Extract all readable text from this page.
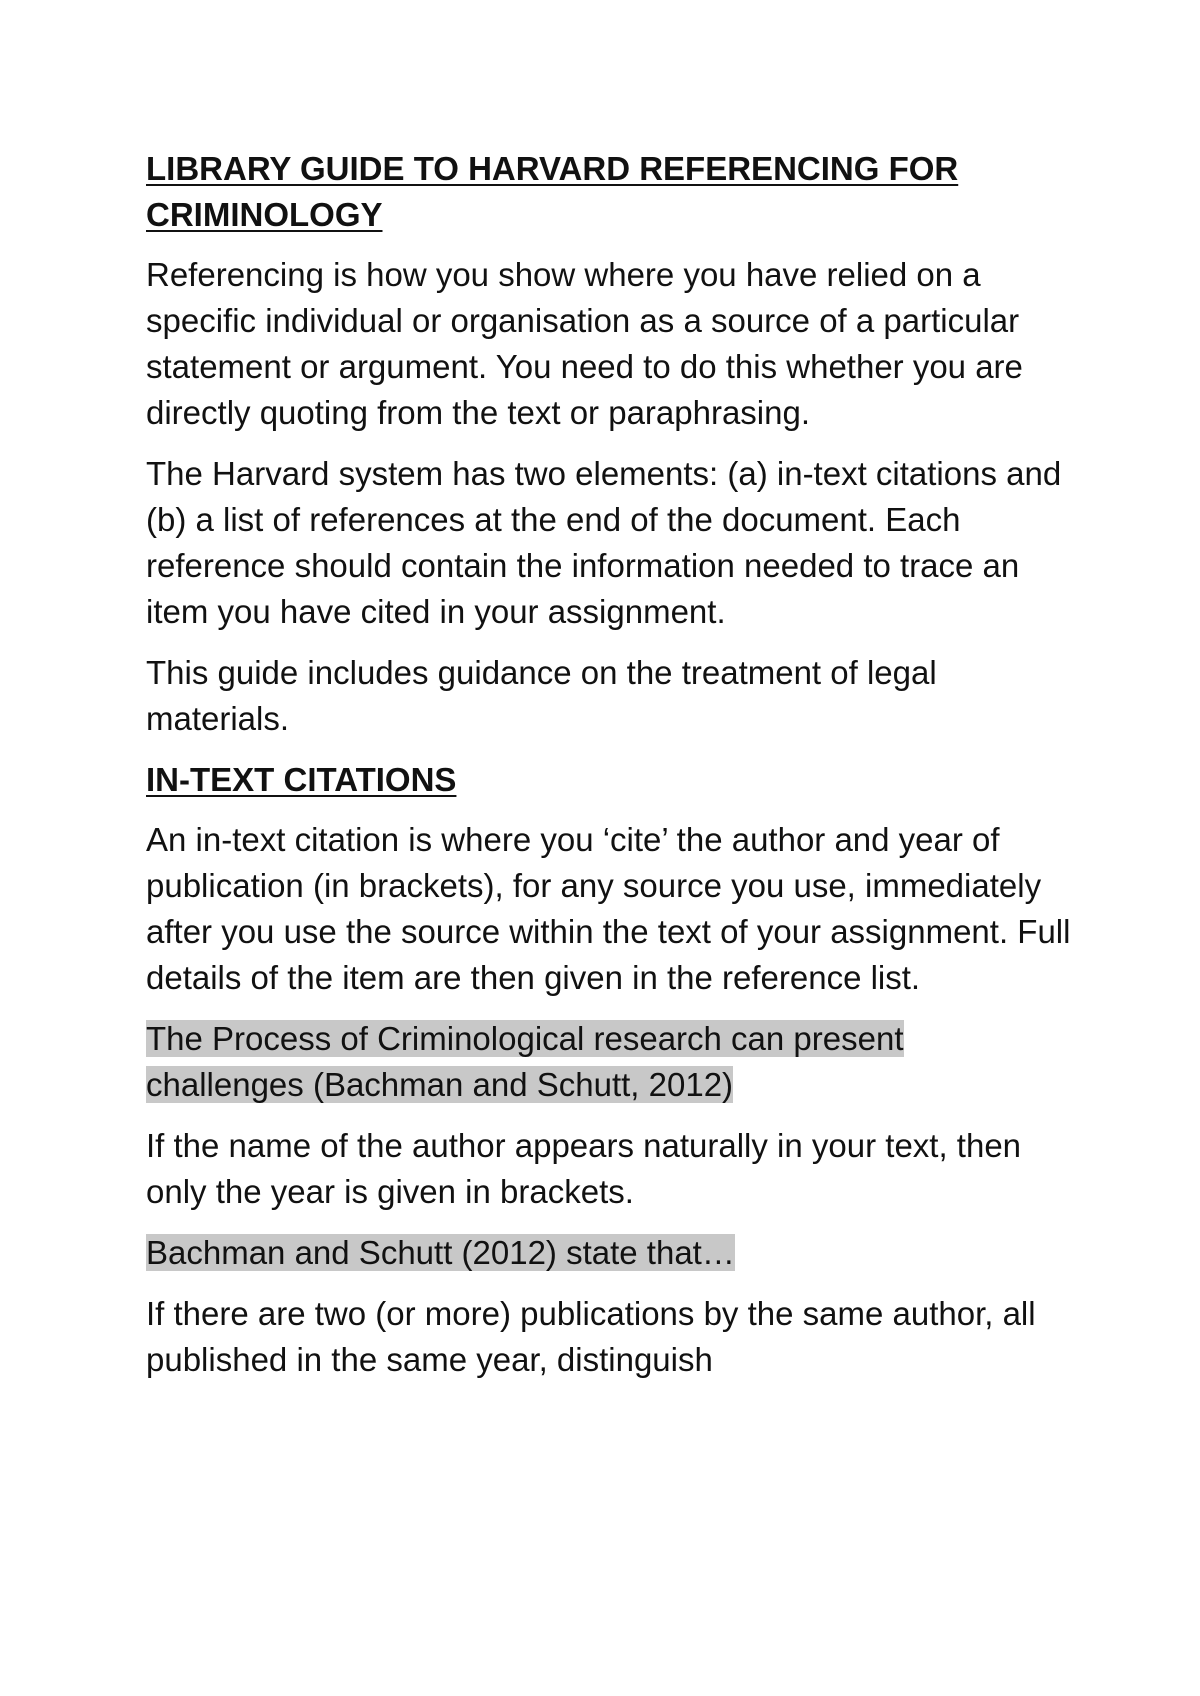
LIBRARY GUIDE TO HARVARD REFERENCING FOR
CRIMINOLOGY

Referencing is how you show where you have relied on a specific individual or organisation as a source of a particular statement or argument. You need to do this whether you are directly quoting from the text or paraphrasing.

The Harvard system has two elements: (a) in-text citations and (b) a list of references at the end of the document. Each reference should contain the information needed to trace an item you have cited in your assignment.

This guide includes guidance on the treatment of legal materials.

IN-TEXT CITATIONS

An in-text citation is where you ‘cite’ the author and year of publication (in brackets), for any source you use, immediately after you use the source within the text of your assignment. Full details of the item are then given in the reference list.

The Process of Criminological research can present
challenges (Bachman and Schutt, 2012)

If the name of the author appears naturally in your text, then only the year is given in brackets.

Bachman and Schutt (2012) state that…

If there are two (or more) publications by the same author, all published in the same year, distinguish
